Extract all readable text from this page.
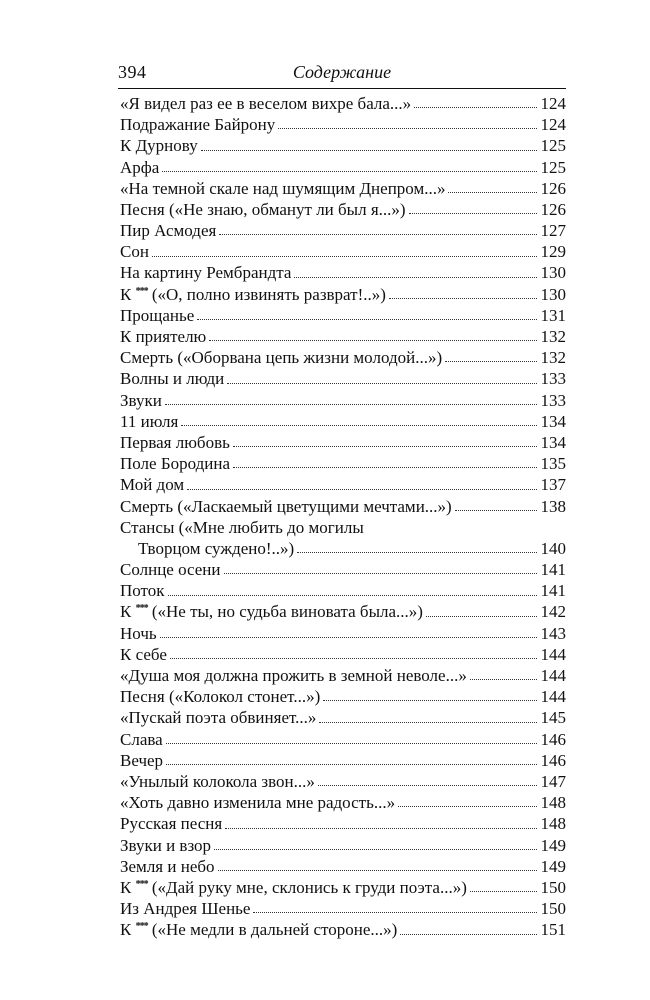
394	Содержание
«Я видел раз ее в веселом вихре бала...»	124
Подражание Байрону	124
К Дурнову	125
Арфа	125
«На темной скале над шумящим Днепром...»	126
Песня («Не знаю, обманут ли был я...»)	126
Пир Асмодея	127
Сон	129
На картину Рембрандта	130
К *** («О, полно извинять разврат!..»)	130
Прощанье	131
К приятелю	132
Смерть («Оборвана цепь жизни молодой...»)	132
Волны и люди	133
Звуки	133
11 июля	134
Первая любовь	134
Поле Бородина	135
Мой дом	137
Смерть («Ласкаемый цветущими мечтами...»)	138
Стансы («Мне любить до могилы
Творцом суждено!..»)	140
Солнце осени	141
Поток	141
К *** («Не ты, но судьба виновата была...»)	142
Ночь	143
К себе	144
«Душа моя должна прожить в земной неволе...»	144
Песня («Колокол стонет...»)	144
«Пускай поэта обвиняет...»	145
Слава	146
Вечер	146
«Унылый колокола звон...»	147
«Хоть давно изменила мне радость...»	148
Русская песня	148
Звуки и взор	149
Земля и небо	149
К *** («Дай руку мне, склонись к груди поэта...»)	150
Из Андрея Шенье	150
К *** («Не медли в дальней стороне...»)	151
